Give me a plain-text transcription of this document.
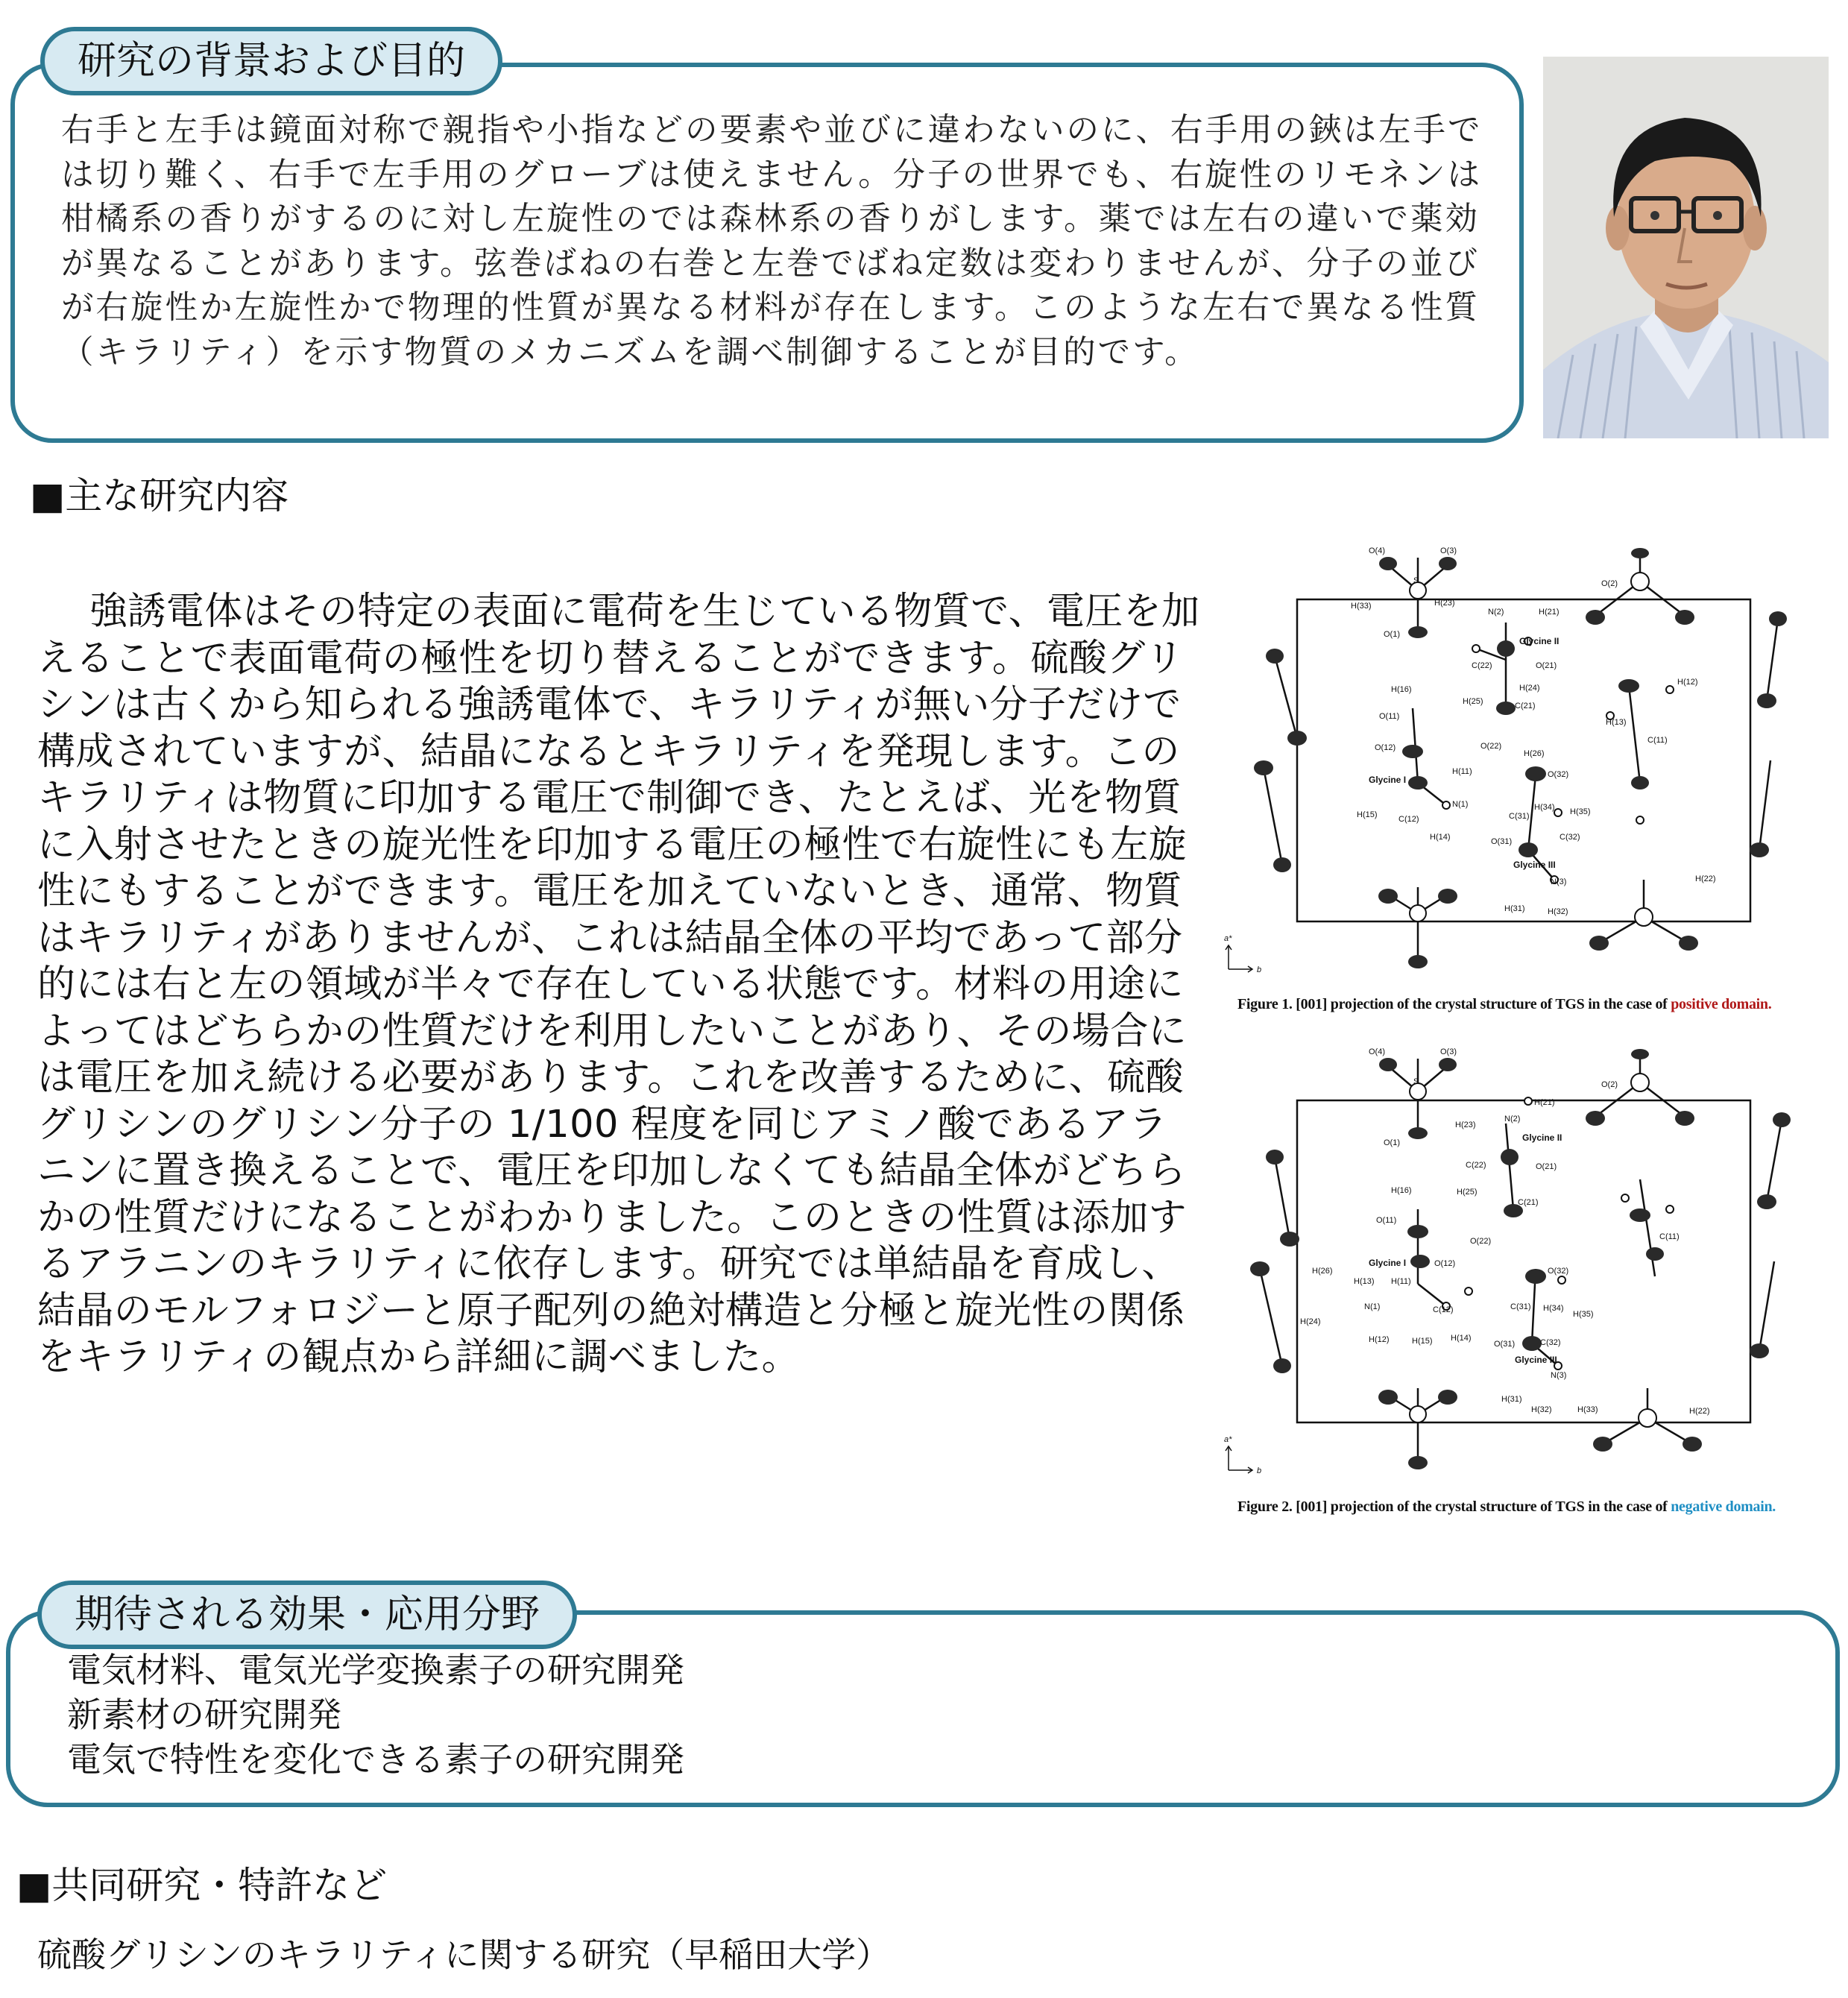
研究の背景および目的
右手と左手は鏡面対称で親指や小指などの要素や並びに違わないのに、右手用の鋏は左手では切り難く、右手で左手用のグローブは使えません。分子の世界でも、右旋性のリモネンは柑橘系の香りがするのに対し左旋性のでは森林系の香りがします。薬では左右の違いで薬効が異なることがあります。弦巻ばねの右巻と左巻でばね定数は変わりませんが、分子の並びが右旋性か左旋性かで物理的性質が異なる材料が存在します。このような左右で異なる性質（キラリティ）を示す物質のメカニズムを調べ制御することが目的です。
■主な研究内容

強誘電体はその特定の表面に電荷を生じている物質で、電圧を加えることで表面電荷の極性を切り替えることができます。硫酸グリシンは古くから知られる強誘電体で、キラリティが無い分子だけで構成されていますが、結晶になるとキラリティを発現します。このキラリティは物質に印加する電圧で制御でき、たとえば、光を物質に入射させたときの旋光性を印加する電圧の極性で右旋性にも左旋性にもすることができます。電圧を加えていないとき、通常、物質はキラリティがありませんが、これは結晶全体の平均であって部分的には右と左の領域が半々で存在している状態です。材料の用途によってはどちらかの性質だけを利用したいことがあり、その場合には電圧を加え続ける必要があります。これを改善するために、硫酸グリシンのグリシン分子の 1/100 程度を同じアミノ酸であるアラニンに置き換えることで、電圧を印加しなくても結晶全体がどちらかの性質だけになることがわかりました。このときの性質は添加するアラニンのキラリティに依存します。研究では単結晶を育成し、結晶のモルフォロジーと原子配列の絶対構造と分極と旋光性の関係をキラリティの観点から詳細に調べました。

O(4)	O(3)
S	O(2)
H(33)	H(23)
N(2)	H(21)
O(1)
Glycine II
C(22)	O(21)
H(16)	H(24)
H(25)	C(21)
H(12)
H(13)
O(11)
C(11)
O(22)
H(26)
O(12)
O(32)
H(11)
Glycine I
N(1)	H(34) H(35)
C(31)
H(15)	C(12)
C(32)
H(14)	O(31)
Glycine III
N(3)	H(22)
H(31)	H(32)
a*
b
Figure 1. [001] projection of the crystal structure of TGS in the case of positive domain.
O(4)	O(3)
S	O(2)
H(21)
H(23)
N(2)
O(1)	Glycine II
C(22)	O(21)
H(16)	H(25)
C(21)
O(11)
O(22)	C(11)
Glycine I	O(12)
H(26)
H(13) H(11)
O(32)
N(1)	C(12)	C(31) H(34)
H(35)
H(24)
H(12)	H(15) H(14)
O(31)	C(32)
Glycine III
N(3)
H(31)
H(32)	H(33)	H(22)
a*
b
Figure 2. [001] projection of the crystal structure of TGS in the case of negative domain.
期待される効果・応用分野
電気材料、電気光学変換素子の研究開発
新素材の研究開発
電気で特性を変化できる素子の研究開発
■共同研究・特許など
硫酸グリシンのキラリティに関する研究（早稲田大学）
